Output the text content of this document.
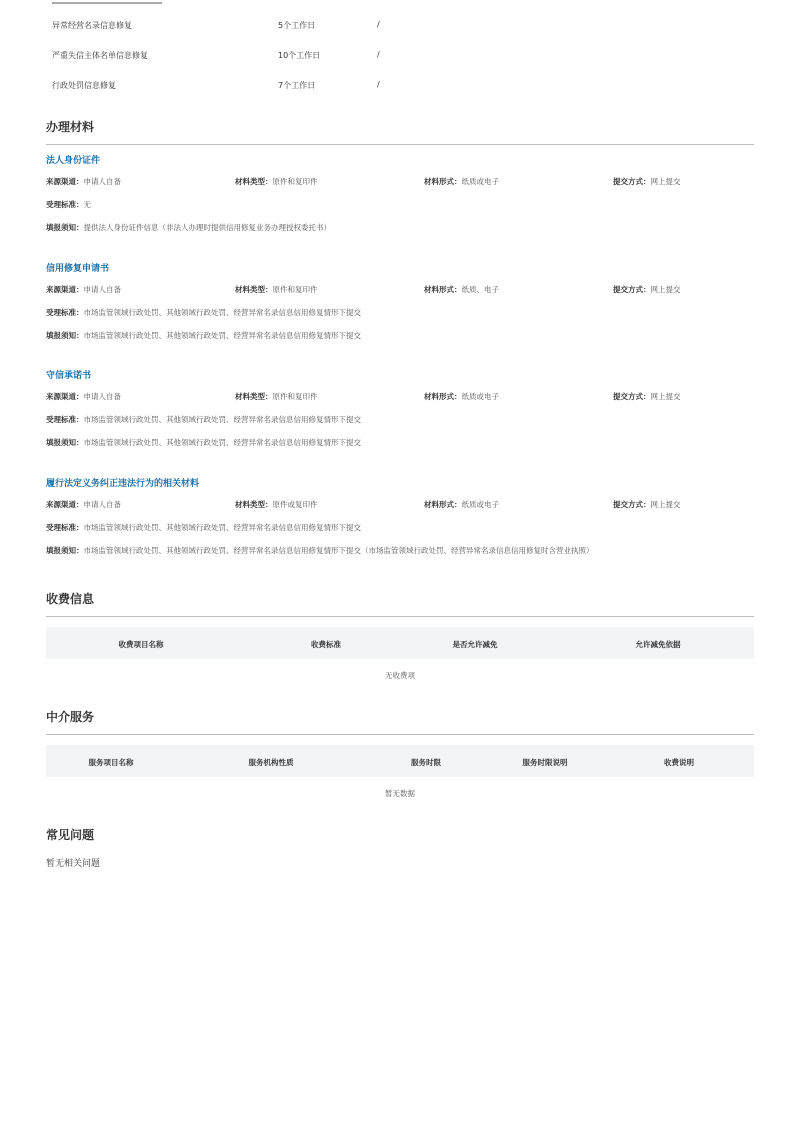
异常经营名录信息修复	5个工作日	/
严重失信主体名单信息修复	10个工作日	/
行政处罚信息修复	7个工作日	/
办理材料
法人身份证件
来源渠道：申请人自备	材料类型：原件和复印件	材料形式：纸质或电子	提交方式：网上提交
受理标准：无
填报须知：提供法人身份证件信息（非法人办理时提供信用修复业务办理授权委托书）
信用修复申请书
来源渠道：申请人自备	材料类型：原件和复印件	材料形式：纸质、电子	提交方式：网上提交
受理标准：市场监管领域行政处罚、其他领域行政处罚、经营异常名录信息信用修复情形下提交
填报须知：市场监管领域行政处罚、其他领域行政处罚、经营异常名录信息信用修复情形下提交
守信承诺书
来源渠道：申请人自备	材料类型：原件和复印件	材料形式：纸质或电子	提交方式：网上提交
受理标准：市场监管领域行政处罚、其他领域行政处罚、经营异常名录信息信用修复情形下提交
填报须知：市场监管领域行政处罚、其他领域行政处罚、经营异常名录信息信用修复情形下提交
履行法定义务纠正违法行为的相关材料
来源渠道：申请人自备	材料类型：原件或复印件	材料形式：纸质或电子	提交方式：网上提交
受理标准：市场监管领域行政处罚、其他领域行政处罚、经营异常名录信息信用修复情形下提交
填报须知：市场监管领域行政处罚、其他领域行政处罚、经营异常名录信息信用修复情形下提交（市场监管领域行政处罚、经营异常名录信息信用修复时含营业执照）
收费信息
收费项目名称	收费标准	是否允许减免	允许减免依据
无收费项
中介服务
服务项目名称	服务机构性质	服务时限	服务时限说明	收费说明
暂无数据
常见问题
暂无相关问题
